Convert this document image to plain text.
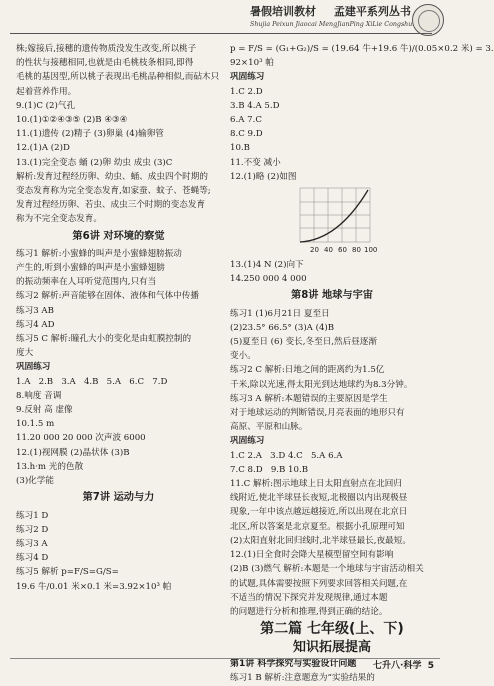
暑假培训教材 孟建平系列丛书
Shujia Peixun Jiaocai MengJianPing XiLie Congshu
株;嫁接后,接穗的遗传物质没发生改变,所以桃子
的性状与接穗相同,也就是由毛桃枝条相同,即得
毛桃的基因型,所以桃子表现出毛桃品种相似,而砧木只
起着营养作用。
9.(1)C (2)气孔
10.(1)①②④③⑤ (2)B ④③④
11.(1)遗传 (2)精子 (3)卵巢 (4)输卵管
12.(1)A (2)D
13.(1)完全变态 蛹 (2)卵 幼虫 成虫 (3)C
解析:发育过程经历卵、幼虫、蛹、成虫四个时期的
变态发育称为完全变态发育,如家蚕、蚊子、苍蝇等;
发育过程经历卵、若虫、成虫三个时期的变态发育
称为不完全变态发育。
第6讲 对环境的察觉
练习1 解析:小蜜蜂的叫声是小蜜蜂翅膀振动
产生的,听到小蜜蜂的叫声是小蜜蜂翅膀
的振动频率在人耳听觉范围内,只有当
练习2 解析:声音能够在固体、液体和气体中传播
练习3 AB
练习4 AD
练习5 C 解析:瞳孔大小的变化是由虹膜控制的
度大
巩固练习
1.A 2.B 3.A 4.B 5.A 6.C 7.D
8.响度 音调
9.反射 高 虚像
10.1.5 m
11.20 000 20 000 次声波 6000
12.(1)视网膜 (2)晶状体 (3)B
13.h·m 光的色散
(3)化学能
第7讲 运动与力
练习1 D
练习2 D
练习3 A
练习4 D
练习5 解析 p=F/S=G/S=
19.6 牛/0.01 米×0.1 米=3.92×10³ 帕
p = F/S = (G₁+G₂)/S = (19.64 牛+19.6 牛)/(0.05×0.2 米) = 3.
92×10³ 帕
巩固练习
1.C 2.D
3.B 4.A 5.D
6.A 7.C
8.C 9.D
10.B
11.不变 减小
12.(1)略 (2)如图
20 40 60 80 100
13.(1)4 N (2)向下
14.250 000 4 000
第8讲 地球与宇宙
练习1 (1)6月21日 夏至日
(2)23.5° 66.5° (3)A (4)B
(5)夏至日 (6) 变长,冬至日,然后昼逐渐
变小。
练习2 C 解析:日地之间的距离约为1.5亿
千米,除以光速,得太阳光到达地球约为8.3分钟。
练习3 A 解析:本题错误的主要原因是学生
对于地球运动的判断错误,月亮表面的地形只有
高原、平原和山脉。
巩固练习
1.C 2.A 3.D 4.C 5.A 6.A
7.C 8.D 9.B 10.B
11.C 解析:图示地球上日太阳直射点在北回归
线附近,使北半球昼长夜短,北极圈以内出现极昼
现象,一年中该点越远越接近,所以出现在北京日
北区,所以答案是北京夏至。根据小孔原理可知
(2)太阳直射北回归线时,北半球昼最长,夜最短。
12.(1)日全食时会降大星模型留空间有影响
(2)B (3)燃气 解析:本题是一个地球与宇宙活动相关
的试题,具体需要按照下列要求回答相关问题,在
不适当的情况下探究并发现规律,通过本题
的问题进行分析和推理,得到正确的结论。
第二篇 七年级(上、下)
知识拓展提高
第1讲 科学探究与实验设计问题
练习1 B 解析:注意题意为“实验结果的
七升八·科学 5
